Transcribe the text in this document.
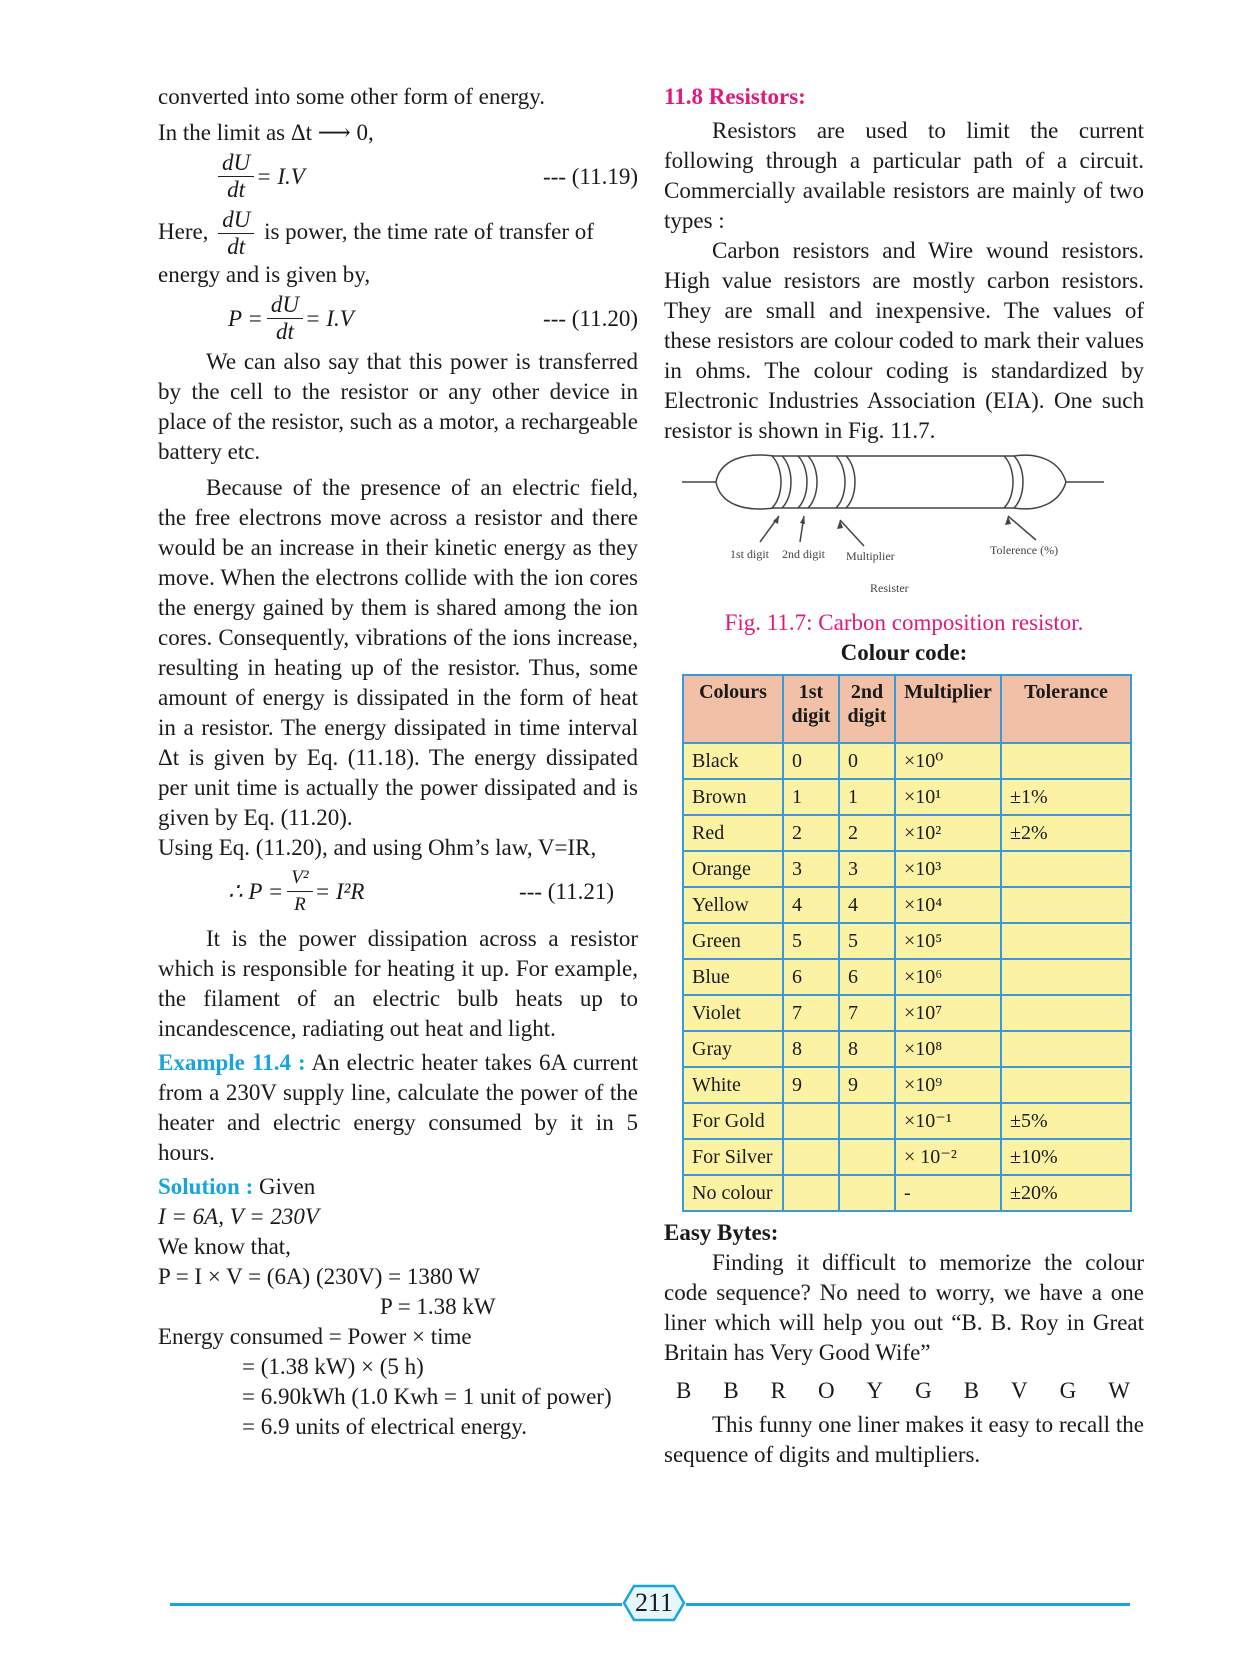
converted into some other form of energy.

In the limit as Δt ⟶ 0,

$\frac{dU}{dt} = I.V$	--- (11.19)
Here, $\frac{dU}{dt}$ is power, the time rate of transfer of energy and is given by,
$P = \frac{dU}{dt} = I.V$	--- (11.20)

We can also say that this power is transferred by the cell to the resistor or any other device in place of the resistor, such as a motor, a rechargeable battery etc.

Because of the presence of an electric field, the free electrons move across a resistor and there would be an increase in their kinetic energy as they move. When the electrons collide with the ion cores the energy gained by them is shared among the ion cores. Consequently, vibrations of the ions increase, resulting in heating up of the resistor. Thus, some amount of energy is dissipated in the form of heat in a resistor. The energy dissipated in time interval Δt is given by Eq. (11.18). The energy dissipated per unit time is actually the power dissipated and is given by Eq. (11.20).

Using Eq. (11.20), and using Ohm’s law, V=IR,

∴ $P = \frac{\text{V²}}{R} = I^2R$	--- (11.21)

It is the power dissipation across a resistor which is responsible for heating it up. For example, the filament of an electric bulb heats up to incandescence, radiating out heat and light.

Example 11.4 : An electric heater takes 6A current from a 230V supply line, calculate the power of the heater and electric energy consumed by it in 5 hours.

Solution : Given
I = 6A, V = 230V
We know that,
P = I × V = (6A) (230V) = 1380 W
P = 1.38 kW
Energy consumed = Power × time
= (1.38 kW) × (5 h)
= 6.90kWh (1.0 Kwh = 1 unit of power)
= 6.9 units of electrical energy.
11.8 Resistors:

Resistors are used to limit the current following through a particular path of a circuit. Commercially available resistors are mainly of two types :

Carbon resistors and Wire wound resistors. High value resistors are mostly carbon resistors. They are small and inexpensive. The values of these resistors are colour coded to mark their values in ohms. The colour coding is standardized by Electronic Industries Association (EIA). One such resistor is shown in Fig. 11.7.

1st digit 2nd digit Multiplier	Tolerence (%)
Resister
Fig. 11.7: Carbon composition resistor.
Colour code:
Colours	1st digit	2nd digit	Multiplier	Tolerance
Black	0	0	×10⁰	
Brown	1	1	×10¹	±1%
Red	2	2	×10²	±2%
Orange	3	3	×10³	
Yellow	4	4	×10⁴	
Green	5	5	×10⁵	
Blue	6	6	×10⁶	
Violet	7	7	×10⁷	
Gray	8	8	×10⁸	
White	9	9	×10⁹	
For Gold			×10⁻¹	±5%
For Silver			× 10⁻²	±10%
No colour			-	±20%
Easy Bytes:

Finding it difficult to memorize the colour code sequence? No need to worry, we have a one liner which will help you out “B. B. Roy in Great Britain has Very Good Wife”

B B R O Y G B V G W

This funny one liner makes it easy to recall the sequence of digits and multipliers.

211
